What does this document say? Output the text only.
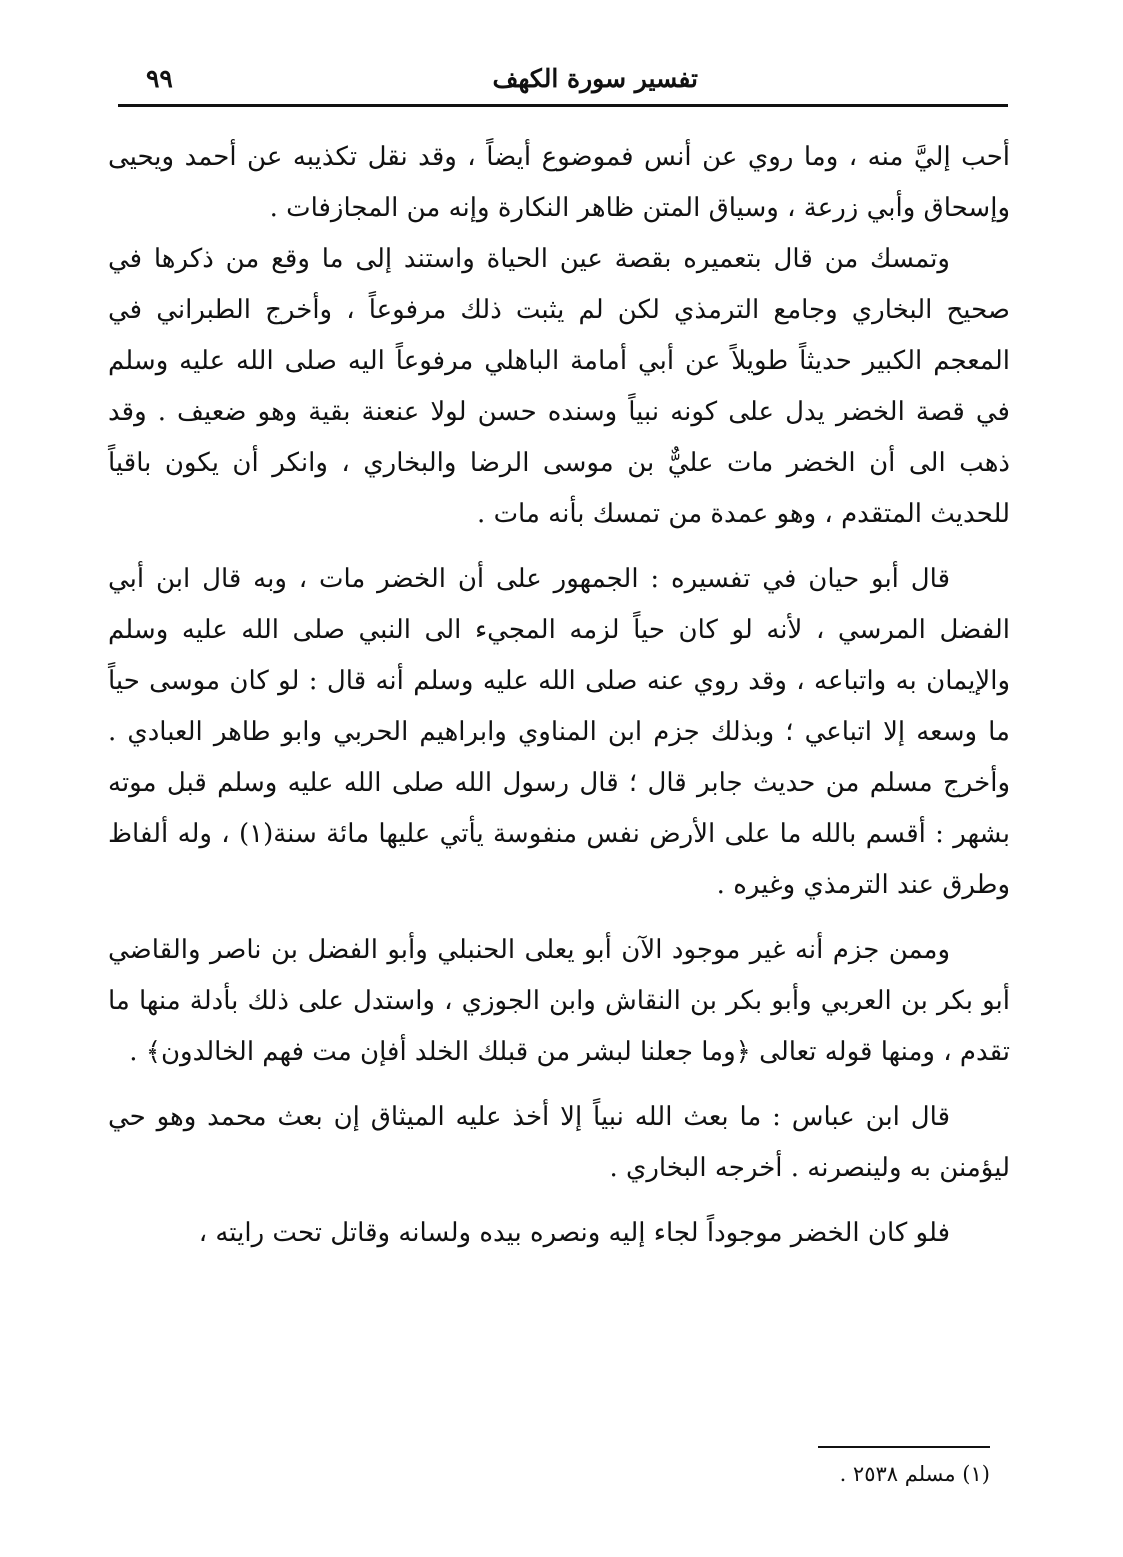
تفسير سورة الكهف
٩٩

أحب إليَّ منه ، وما روي عن أنس فموضوع أيضاً ، وقد نقل تكذيبه عن أحمد ويحيى وإسحاق وأبي زرعة ، وسياق المتن ظاهر النكارة وإنه من المجازفات .

وتمسك من قال بتعميره بقصة عين الحياة واستند إلى ما وقع من ذكرها في صحيح البخاري وجامع الترمذي لكن لم يثبت ذلك مرفوعاً ، وأخرج الطبراني في المعجم الكبير حديثاً طويلاً عن أبي أمامة الباهلي مرفوعاً اليه صلى الله عليه وسلم في قصة الخضر يدل على كونه نبياً وسنده حسن لولا عنعنة بقية وهو ضعيف . وقد ذهب الى أن الخضر مات عليٌّ بن موسى الرضا والبخاري ، وانكر أن يكون باقياً للحديث المتقدم ، وهو عمدة من تمسك بأنه مات .

قال أبو حيان في تفسيره : الجمهور على أن الخضر مات ، وبه قال ابن أبي الفضل المرسي ، لأنه لو كان حياً لزمه المجيء الى النبي صلى الله عليه وسلم والإيمان به واتباعه ، وقد روي عنه صلى الله عليه وسلم أنه قال : لو كان موسى حياً ما وسعه إلا اتباعي ؛ وبذلك جزم ابن المناوي وابراهيم الحربي وابو طاهر العبادي . وأخرج مسلم من حديث جابر قال ؛ قال رسول الله صلى الله عليه وسلم قبل موته بشهر : أقسم بالله ما على الأرض نفس منفوسة يأتي عليها مائة سنة(١) ، وله ألفاظ وطرق عند الترمذي وغيره .

وممن جزم أنه غير موجود الآن أبو يعلى الحنبلي وأبو الفضل بن ناصر والقاضي أبو بكر بن العربي وأبو بكر بن النقاش وابن الجوزي ، واستدل على ذلك بأدلة منها ما تقدم ، ومنها قوله تعالى ﴿وما جعلنا لبشر من قبلك الخلد أفإن مت فهم الخالدون﴾ .

قال ابن عباس : ما بعث الله نبياً إلا أخذ عليه الميثاق إن بعث محمد وهو حي ليؤمنن به ولينصرنه . أخرجه البخاري .

فلو كان الخضر موجوداً لجاء إليه ونصره بيده ولسانه وقاتل تحت رايته ،

(١) مسلم ٢٥٣٨ .
